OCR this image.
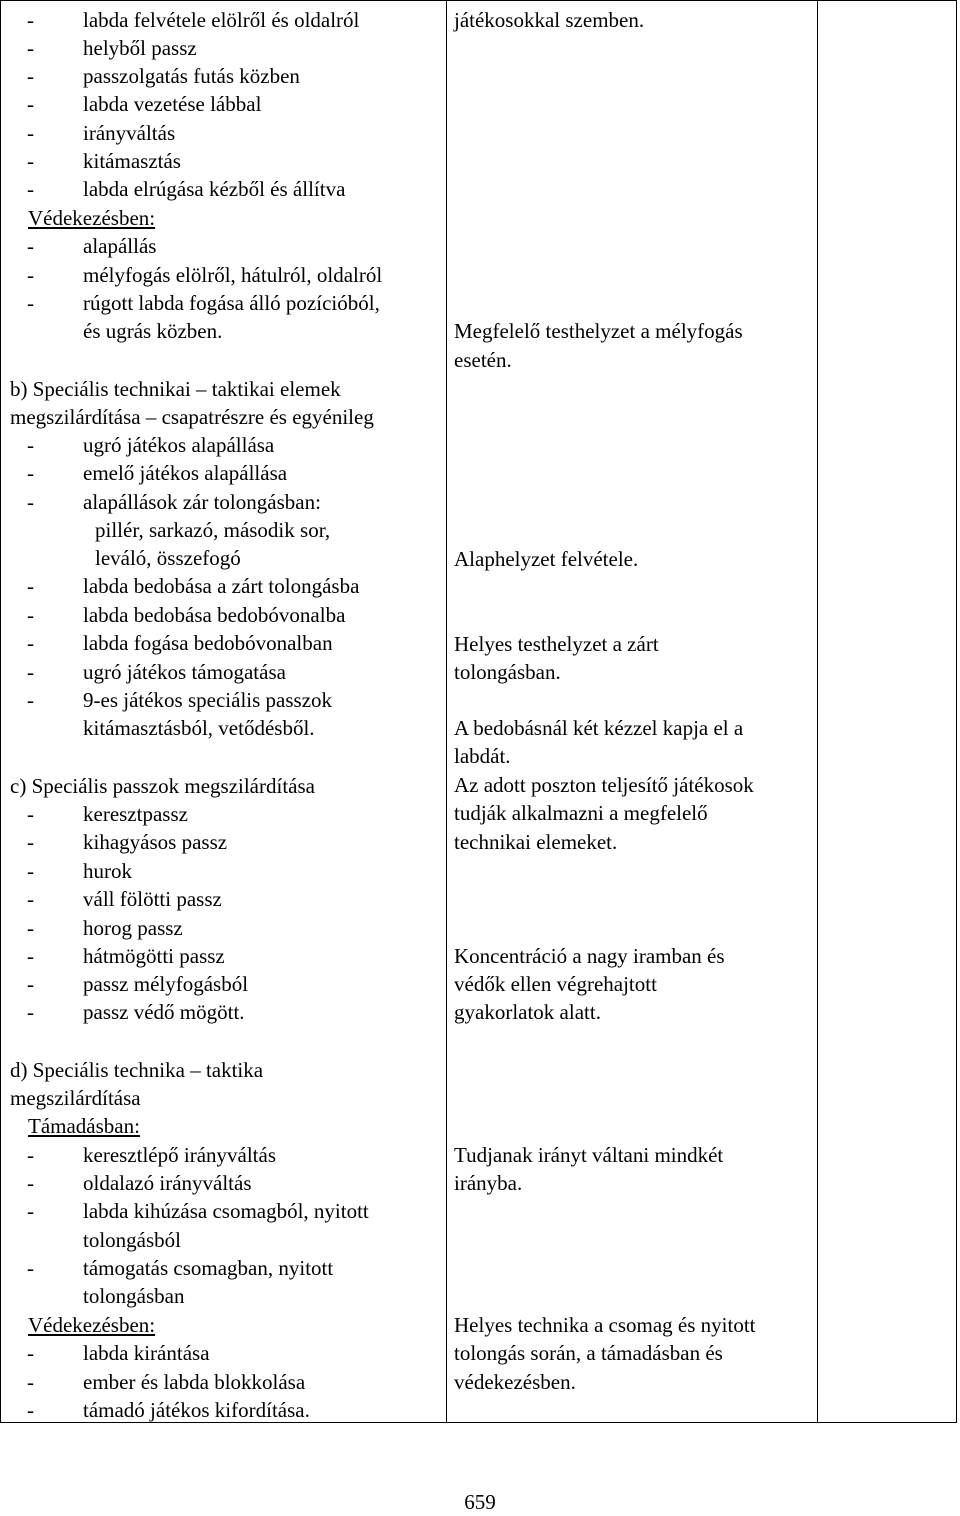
- labda felvétele elölről és oldalról
- helyből passz
- passzolgatás futás közben
- labda vezetése lábbal
- irányváltás
- kitámasztás
- labda elrúgása kézből és állítva
Védekezésben:
- alapállás
- mélyfogás elölről, hátulról, oldalról
- rúgott labda fogása álló pozícióból,
és ugrás közben.
b) Speciális technikai – taktikai elemek
megszilárdítása – csapatrészre és egyénileg
- ugró játékos alapállása
- emelő játékos alapállása
- alapállások zár tolongásban:
pillér, sarkazó, második sor,
leváló, összefogó
- labda bedobása a zárt tolongásba
- labda bedobása bedobóvonalba
- labda fogása bedobóvonalban
- ugró játékos támogatása
- 9-es játékos speciális passzok
kitámasztásból, vetődésből.
c) Speciális passzok megszilárdítása
- keresztpassz
- kihagyásos passz
- hurok
- váll fölötti passz
- horog passz
- hátmögötti passz
- passz mélyfogásból
- passz védő mögött.
d) Speciális technika – taktika
megszilárdítása
Támadásban:
- keresztlépő irányváltás
- oldalazó irányváltás
- labda kihúzása csomagból, nyitott
tolongásból
- támogatás csomagban, nyitott
tolongásban
Védekezésben:
- labda kirántása
- ember és labda blokkolása
- támadó játékos kifordítása.
játékosokkal szemben.
Megfelelő testhelyzet a mélyfogás
esetén.
Alaphelyzet felvétele.
Helyes testhelyzet a zárt
tolongásban.
A bedobásnál két kézzel kapja el a
labdát.
Az adott poszton teljesítő játékosok
tudják alkalmazni a megfelelő
technikai elemeket.
Koncentráció a nagy iramban és
védők ellen végrehajtott
gyakorlatok alatt.
Tudjanak irányt váltani mindkét
irányba.
Helyes technika a csomag és nyitott
tolongás során, a támadásban és
védekezésben.
659
